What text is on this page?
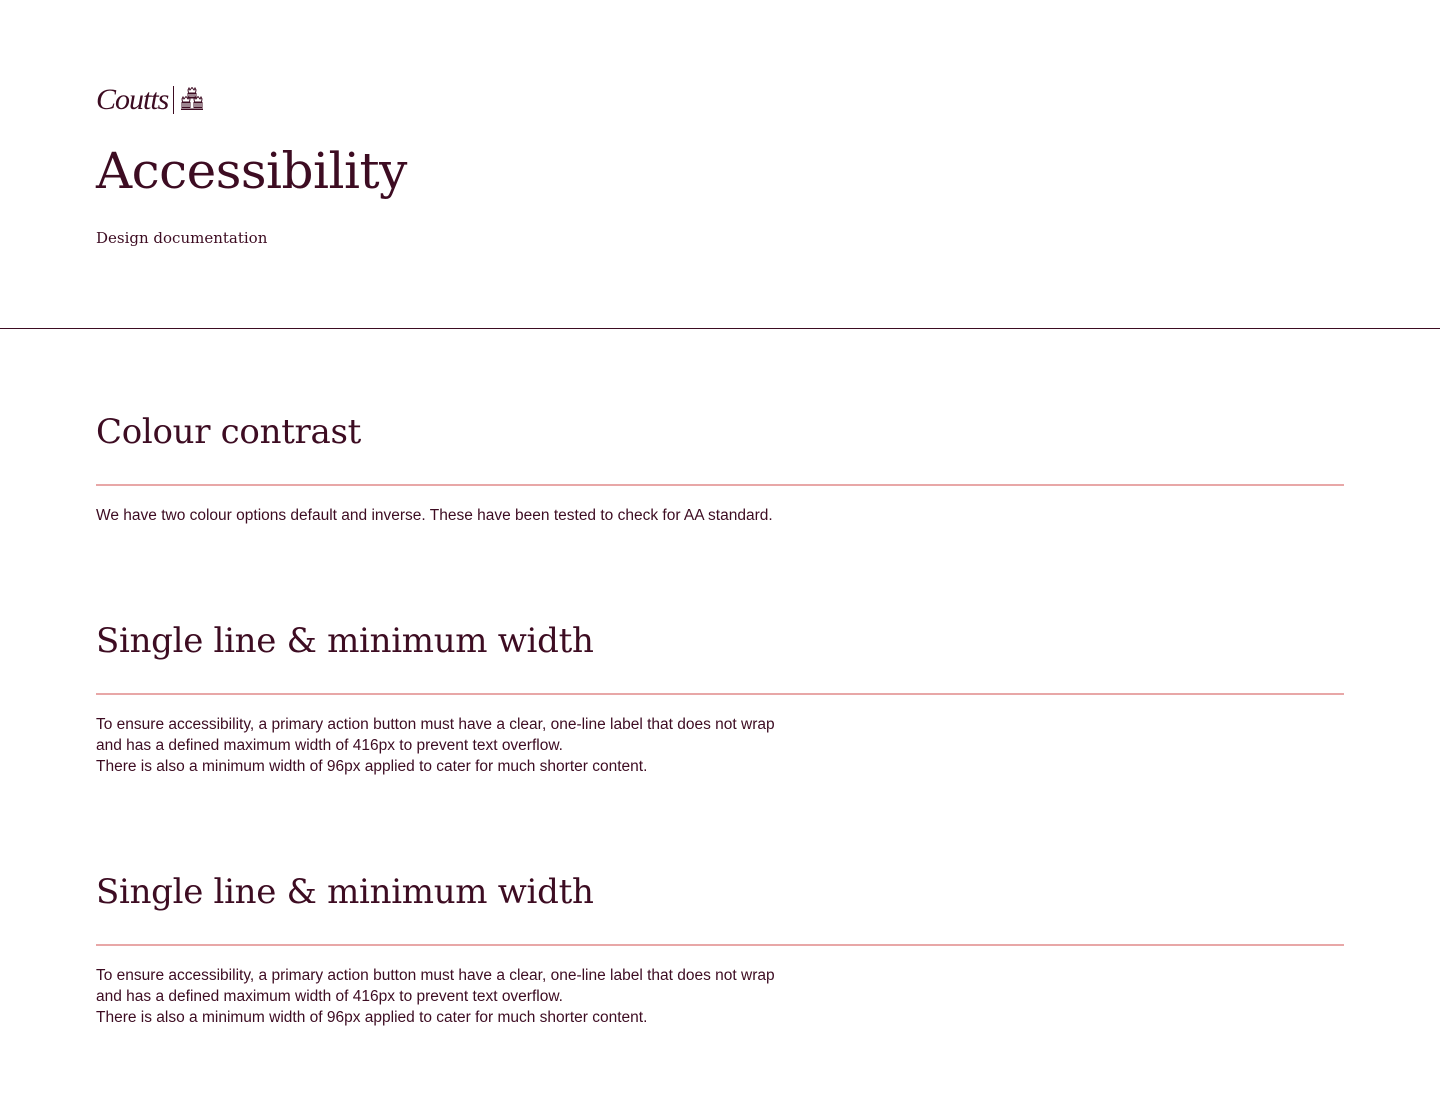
Coutts
Accessibility

Design documentation

Colour contrast

We have two colour options default and inverse. These have been tested to check for AA standard.

Single line & minimum width

To ensure accessibility, a primary action button must have a clear, one-line label that does not wrap
and has a defined maximum width of 416px to prevent text overflow.
There is also a minimum width of 96px applied to cater for much shorter content.

Single line & minimum width

To ensure accessibility, a primary action button must have a clear, one-line label that does not wrap
and has a defined maximum width of 416px to prevent text overflow.
There is also a minimum width of 96px applied to cater for much shorter content.
